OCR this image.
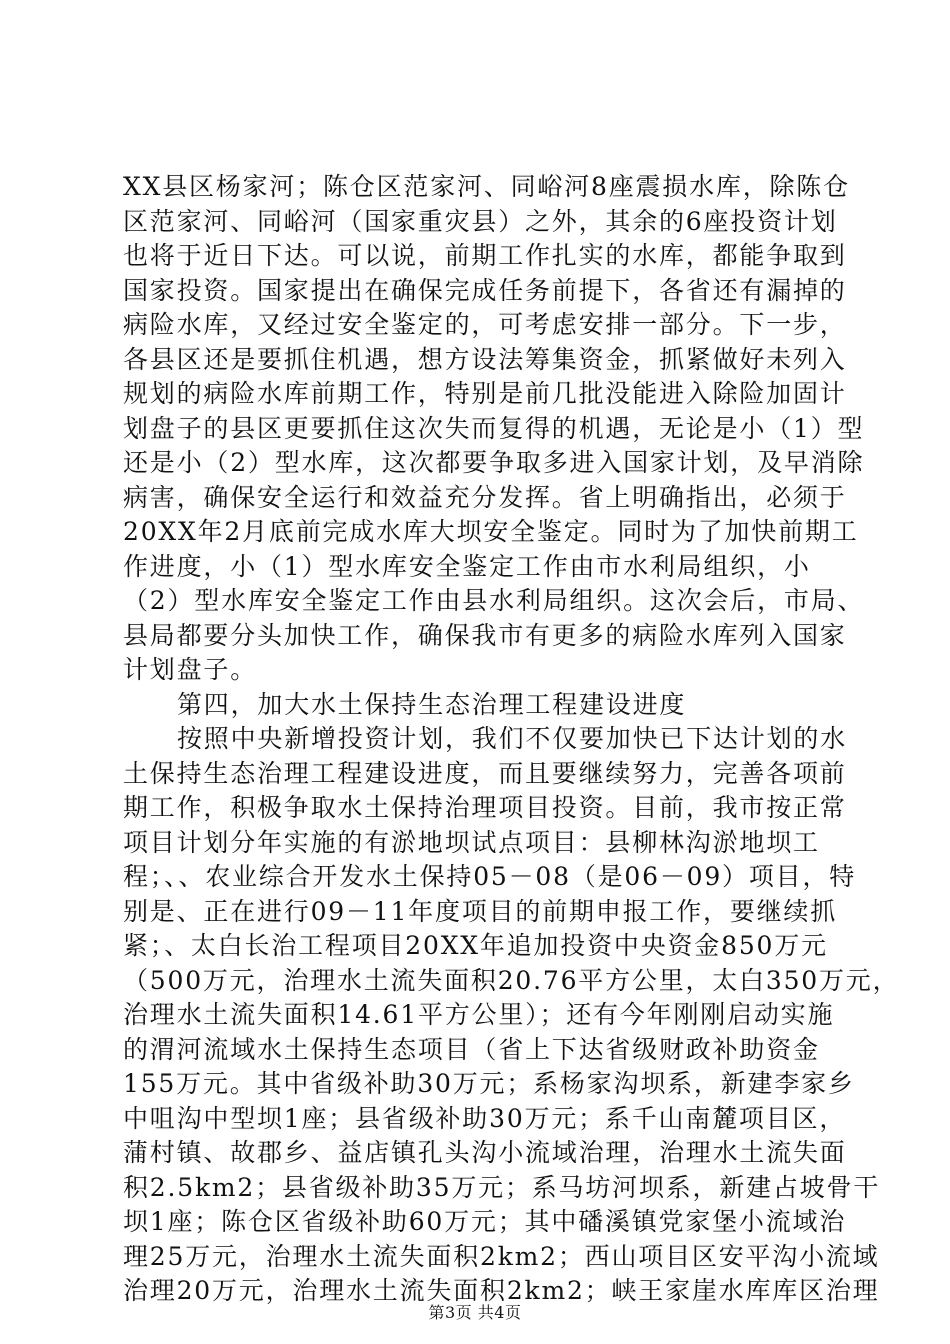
XX县区杨家河；陈仓区范家河、同峪河8座震损水库，除陈仓
区范家河、同峪河（国家重灾县）之外，其余的6座投资计划
也将于近日下达。可以说，前期工作扎实的水库，都能争取到
国家投资。国家提出在确保完成任务前提下，各省还有漏掉的
病险水库，又经过安全鉴定的，可考虑安排一部分。下一步，
各县区还是要抓住机遇，想方设法筹集资金，抓紧做好未列入
规划的病险水库前期工作，特别是前几批没能进入除险加固计
划盘子的县区更要抓住这次失而复得的机遇，无论是小（1）型
还是小（2）型水库，这次都要争取多进入国家计划，及早消除
病害，确保安全运行和效益充分发挥。省上明确指出，必须于
20XX年2月底前完成水库大坝安全鉴定。同时为了加快前期工
作进度，小（1）型水库安全鉴定工作由市水利局组织，小
（2）型水库安全鉴定工作由县水利局组织。这次会后，市局、
县局都要分头加快工作，确保我市有更多的病险水库列入国家
计划盘子。
第四，加大水土保持生态治理工程建设进度
按照中央新增投资计划，我们不仅要加快已下达计划的水
土保持生态治理工程建设进度，而且要继续努力，完善各项前
期工作，积极争取水土保持治理项目投资。目前，我市按正常
项目计划分年实施的有淤地坝试点项目：县柳林沟淤地坝工
程；、、农业综合开发水土保持05－08（是06－09）项目，特
别是、正在进行09－11年度项目的前期申报工作，要继续抓
紧；、太白长治工程项目20XX年追加投资中央资金850万元
（500万元，治理水土流失面积20.76平方公里，太白350万元，
治理水土流失面积14.61平方公里）；还有今年刚刚启动实施
的渭河流域水土保持生态项目（省上下达省级财政补助资金
155万元。其中省级补助30万元；系杨家沟坝系，新建李家乡
中咀沟中型坝1座；县省级补助30万元；系千山南麓项目区，
蒲村镇、故郡乡、益店镇孔头沟小流域治理，治理水土流失面
积2.5km2；县省级补助35万元；系马坊河坝系，新建占坡骨干
坝1座；陈仓区省级补助60万元；其中磻溪镇党家堡小流域治
理25万元，治理水土流失面积2km2；西山项目区安平沟小流域
治理20万元，治理水土流失面积2km2；峡王家崖水库库区治理
第3页 共4页
